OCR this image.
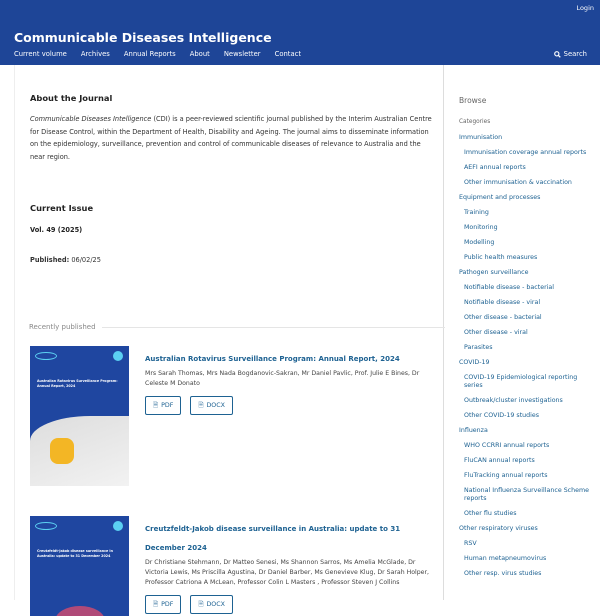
Login
Communicable Diseases Intelligence
Current volume Archives Annual Reports About Newsletter Contact	Search
About the Journal
Communicable Diseases Intelligence (CDI) is a peer-reviewed scientific journal published by the Interim Australian Centre for Disease Control, within the Department of Health, Disability and Ageing. The journal aims to disseminate information on the epidemiology, surveillance, prevention and control of communicable diseases of relevance to Australia and the near region.
Current Issue
Vol. 49 (2025)
Published: 06/02/25
Recently published
Australian Rotavirus Surveillance Program: Annual Report, 2024
Australian Rotavirus Surveillance Program: Annual Report, 2024
Mrs Sarah Thomas, Mrs Nada Bogdanovic-Sakran, Mr Daniel Pavlic, Prof. Julie E Bines, Dr Celeste M Donato
🗎 PDF	🗎 DOCX
Creutzfeldt-Jakob disease surveillance in Australia: update to 31 December 2024
Creutzfeldt-Jakob disease surveillance in Australia: update to 31 December 2024
Dr Christiane Stehmann, Dr Matteo Senesi, Ms Shannon Sarros, Ms Amelia McGlade, Dr Victoria Lewis, Ms Priscilla Agustina, Dr Daniel Barber, Ms Genevieve Klug, Dr Sarah Holper, Professor Catriona A McLean, Professor Colin L Masters , Professor Steven J Collins
🗎 PDF	🗎 DOCX
Browse
Categories
Immunisation
Immunisation coverage annual reports
AEFI annual reports
Other immunisation & vaccination
Equipment and processes
Training
Monitoring
Modelling
Public health measures
Pathogen surveillance
Notifiable disease - bacterial
Notifiable disease - viral
Other disease - bacterial
Other disease - viral
Parasites
COVID-19
COVID-19 Epidemiological reporting series
Outbreak/cluster investigations
Other COVID-19 studies
Influenza
WHO CCRRI annual reports
FluCAN annual reports
FluTracking annual reports
National Influenza Surveillance Scheme reports
Other flu studies
Other respiratory viruses
RSV
Human metapneumovirus
Other resp. virus studies
